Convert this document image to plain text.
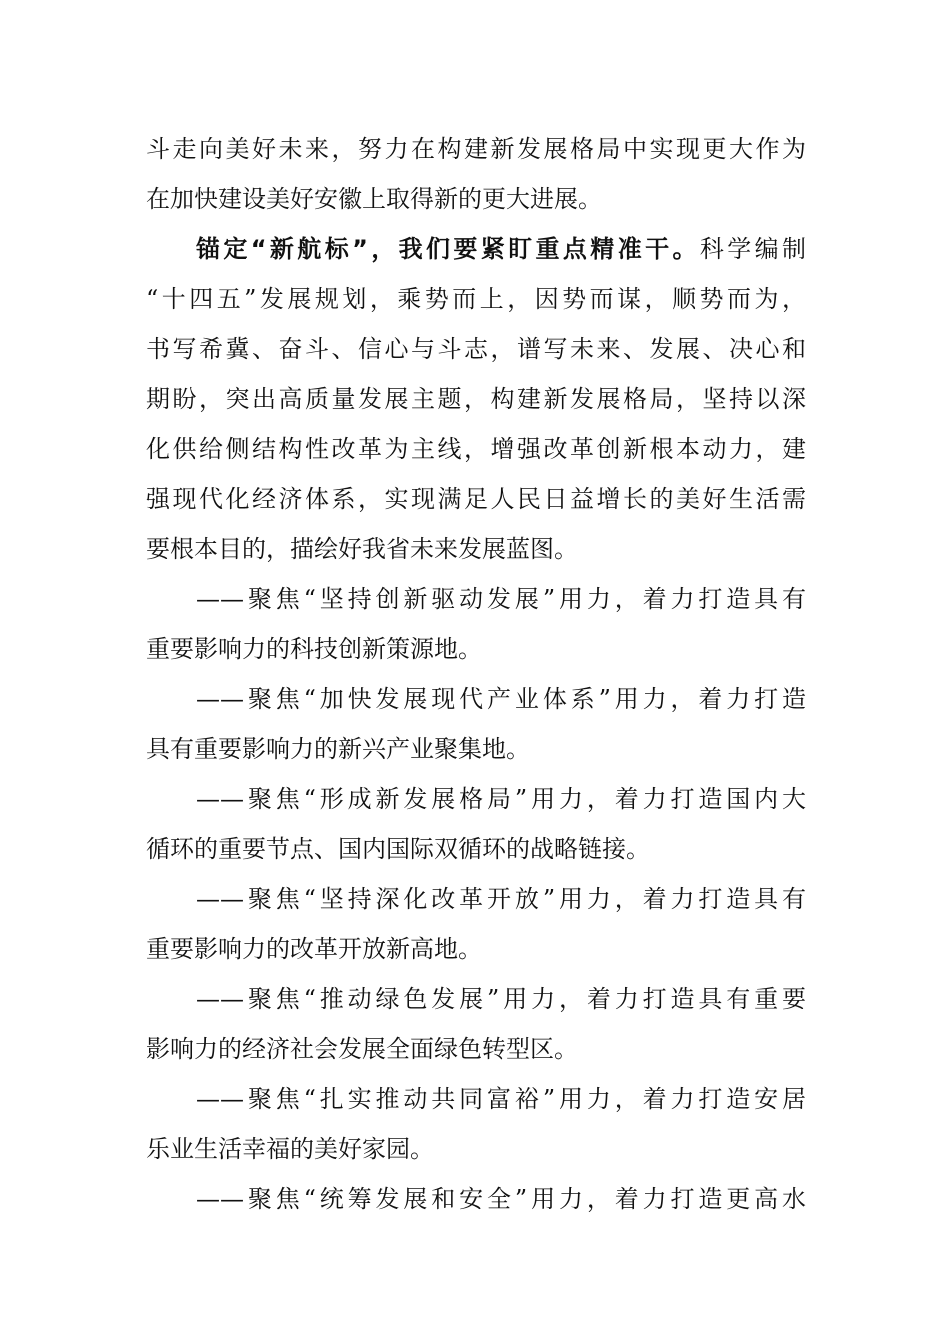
斗走向美好未来，努力在构建新发展格局中实现更大作为
在加快建设美好安徽上取得新的更大进展。
锚定“新航标”，我们要紧盯重点精准干。科学编制
“十四五”发展规划，乘势而上，因势而谋，顺势而为，
书写希冀、奋斗、信心与斗志，谱写未来、发展、决心和
期盼，突出高质量发展主题，构建新发展格局，坚持以深
化供给侧结构性改革为主线，增强改革创新根本动力，建
强现代化经济体系，实现满足人民日益增长的美好生活需
要根本目的，描绘好我省未来发展蓝图。
——聚焦“坚持创新驱动发展”用力，着力打造具有
重要影响力的科技创新策源地。
——聚焦“加快发展现代产业体系”用力，着力打造
具有重要影响力的新兴产业聚集地。
——聚焦“形成新发展格局”用力，着力打造国内大
循环的重要节点、国内国际双循环的战略链接。
——聚焦“坚持深化改革开放”用力，着力打造具有
重要影响力的改革开放新高地。
——聚焦“推动绿色发展”用力，着力打造具有重要
影响力的经济社会发展全面绿色转型区。
——聚焦“扎实推动共同富裕”用力，着力打造安居
乐业生活幸福的美好家园。
——聚焦“统筹发展和安全”用力，着力打造更高水
